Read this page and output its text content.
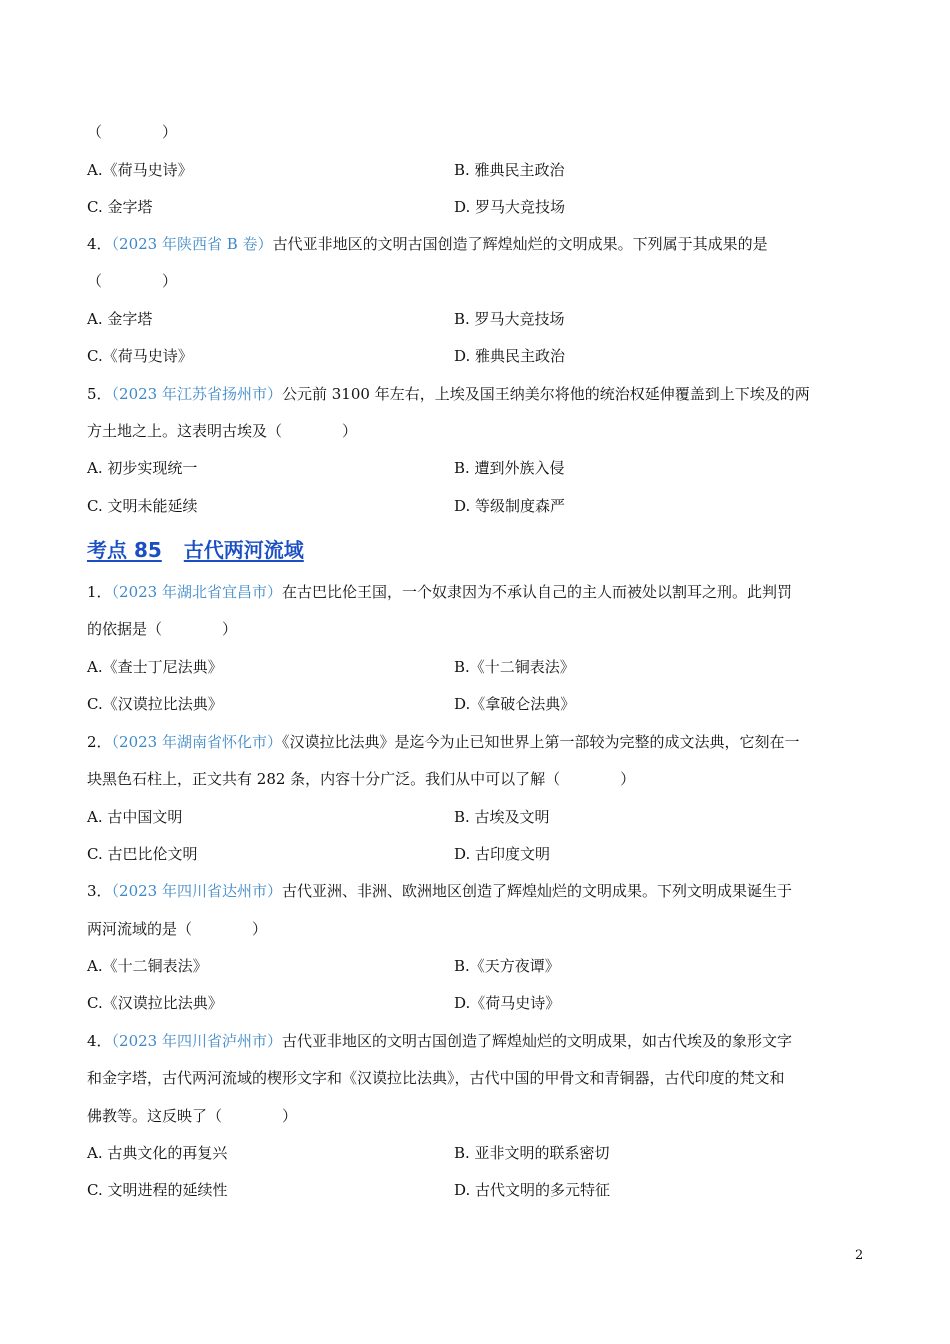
（　　　　）
A.《荷马史诗》	B. 雅典民主政治
C. 金字塔	D. 罗马大竞技场
4．（2023 年陕西省 B 卷）古代亚非地区的文明古国创造了辉煌灿烂的文明成果。下列属于其成果的是
（　　　　）
A. 金字塔	B. 罗马大竞技场
C.《荷马史诗》	D. 雅典民主政治
5．（2023 年江苏省扬州市）公元前 3100 年左右，上埃及国王纳美尔将他的统治权延伸覆盖到上下埃及的两
方土地之上。这表明古埃及（　　　　）
A. 初步实现统一	B. 遭到外族入侵
C. 文明未能延续	D. 等级制度森严
考点 85 古代两河流域
1．（2023 年湖北省宜昌市）在古巴比伦王国，一个奴隶因为不承认自己的主人而被处以割耳之刑。此判罚
的依据是（　　　　）
A.《查士丁尼法典》	B.《十二铜表法》
C.《汉谟拉比法典》	D.《拿破仑法典》
2．（2023 年湖南省怀化市）《汉谟拉比法典》是迄今为止已知世界上第一部较为完整的成文法典，它刻在一
块黑色石柱上，正文共有 282 条，内容十分广泛。我们从中可以了解（　　　　）
A. 古中国文明	B. 古埃及文明
C. 古巴比伦文明	D. 古印度文明
3．（2023 年四川省达州市）古代亚洲、非洲、欧洲地区创造了辉煌灿烂的文明成果。下列文明成果诞生于
两河流域的是（　　　　）
A.《十二铜表法》	B.《天方夜谭》
C.《汉谟拉比法典》	D.《荷马史诗》
4．（2023 年四川省泸州市）古代亚非地区的文明古国创造了辉煌灿烂的文明成果，如古代埃及的象形文字
和金字塔，古代两河流域的楔形文字和《汉谟拉比法典》，古代中国的甲骨文和青铜器，古代印度的梵文和
佛教等。这反映了（　　　　）
A. 古典文化的再复兴	B. 亚非文明的联系密切
C. 文明进程的延续性	D. 古代文明的多元特征
2
